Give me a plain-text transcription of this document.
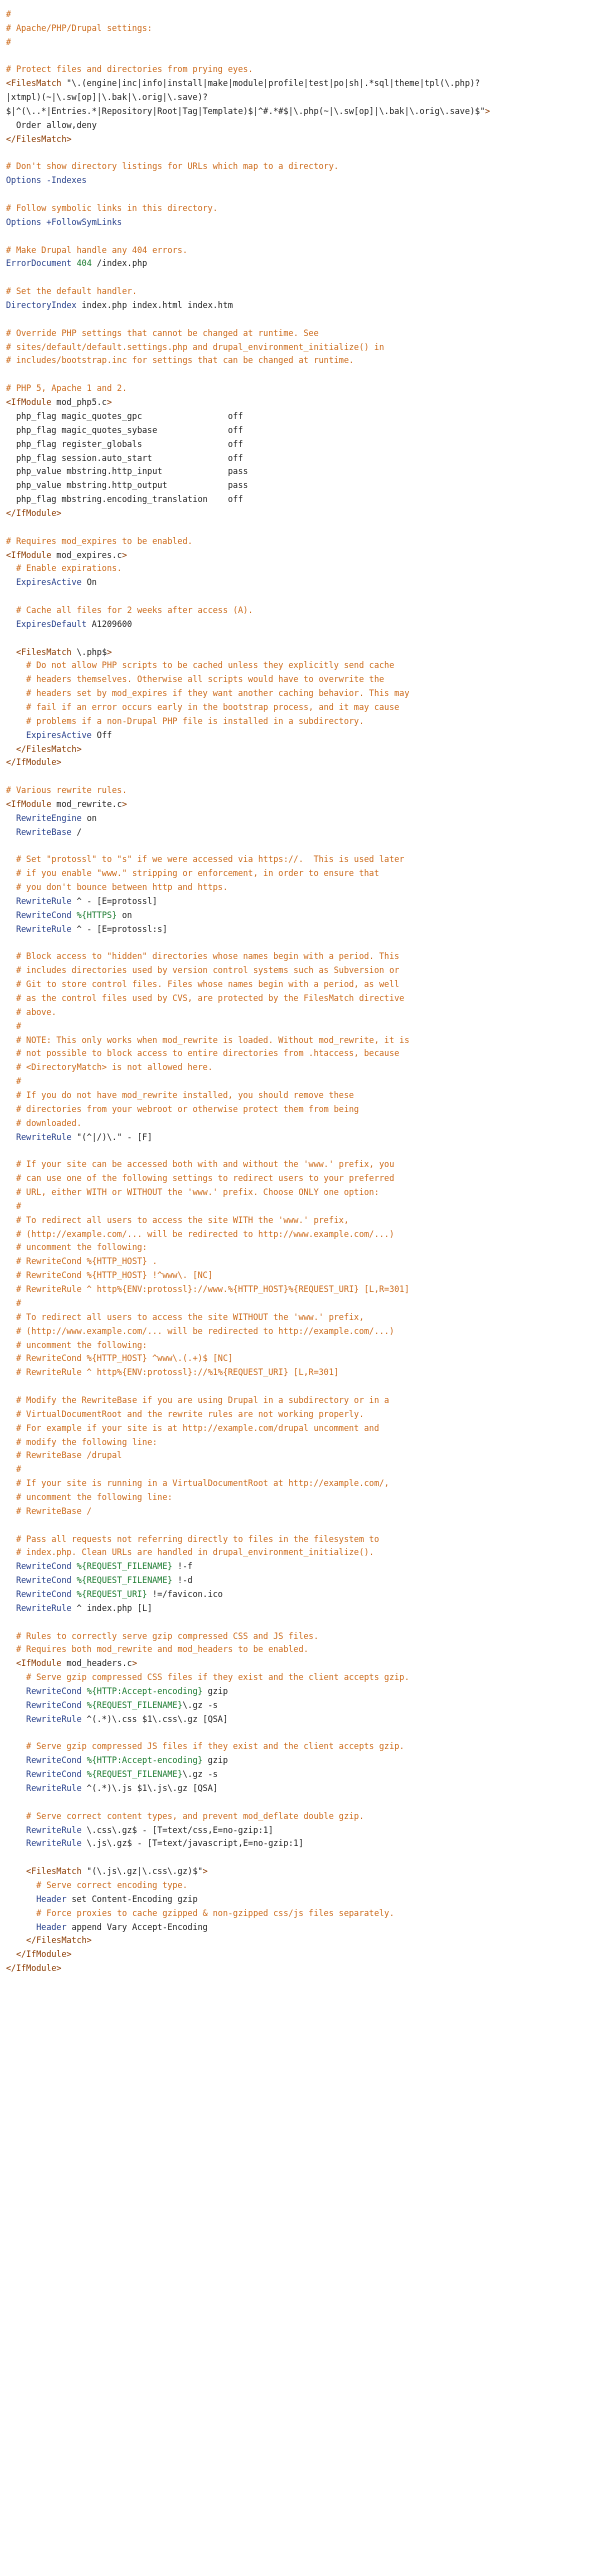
#
# Apache/PHP/Drupal settings:
#

# Protect files and directories from prying eyes.
<FilesMatch "\.(engine|inc|info|install|make|module|profile|test|po|sh|.*sql|theme|tpl(\.php)?
|xtmpl)(~|\.sw[op]|\.bak|\.orig|\.save)?
$|^(\..*|Entries.*|Repository|Root|Tag|Template)$|^#.*#$|\.php(~|\.sw[op]|\.bak|\.orig\.save)$">
Order allow,deny
</FilesMatch>

# Don't show directory listings for URLs which map to a directory.
Options -Indexes

# Follow symbolic links in this directory.
Options +FollowSymLinks

# Make Drupal handle any 404 errors.
ErrorDocument 404 /index.php

# Set the default handler.
DirectoryIndex index.php index.html index.htm

# Override PHP settings that cannot be changed at runtime. See
# sites/default/default.settings.php and drupal_environment_initialize() in
# includes/bootstrap.inc for settings that can be changed at runtime.

# PHP 5, Apache 1 and 2.
<IfModule mod_php5.c>
php_flag magic_quotes_gpc                 off
php_flag magic_quotes_sybase              off
php_flag register_globals                 off
php_flag session.auto_start               off
php_value mbstring.http_input             pass
php_value mbstring.http_output            pass
php_flag mbstring.encoding_translation    off
</IfModule>

# Requires mod_expires to be enabled.
<IfModule mod_expires.c>
# Enable expirations.
ExpiresActive On

# Cache all files for 2 weeks after access (A).
ExpiresDefault A1209600

<FilesMatch \.php$>
# Do not allow PHP scripts to be cached unless they explicitly send cache
# headers themselves. Otherwise all scripts would have to overwrite the
# headers set by mod_expires if they want another caching behavior. This may
# fail if an error occurs early in the bootstrap process, and it may cause
# problems if a non-Drupal PHP file is installed in a subdirectory.
ExpiresActive Off
</FilesMatch>
</IfModule>

# Various rewrite rules.
<IfModule mod_rewrite.c>
RewriteEngine on
RewriteBase /

# Set "protossl" to "s" if we were accessed via https://.  This is used later
# if you enable "www." stripping or enforcement, in order to ensure that
# you don't bounce between http and https.
RewriteRule ^ - [E=protossl]
RewriteCond %{HTTPS} on
RewriteRule ^ - [E=protossl:s]

# Block access to "hidden" directories whose names begin with a period. This
# includes directories used by version control systems such as Subversion or
# Git to store control files. Files whose names begin with a period, as well
# as the control files used by CVS, are protected by the FilesMatch directive
# above.
#
# NOTE: This only works when mod_rewrite is loaded. Without mod_rewrite, it is
# not possible to block access to entire directories from .htaccess, because
# <DirectoryMatch> is not allowed here.
#
# If you do not have mod_rewrite installed, you should remove these
# directories from your webroot or otherwise protect them from being
# downloaded.
RewriteRule "(^|/)\." - [F]

# If your site can be accessed both with and without the 'www.' prefix, you
# can use one of the following settings to redirect users to your preferred
# URL, either WITH or WITHOUT the 'www.' prefix. Choose ONLY one option:
#
# To redirect all users to access the site WITH the 'www.' prefix,
# (http://example.com/... will be redirected to http://www.example.com/...)
# uncomment the following:
# RewriteCond %{HTTP_HOST} .
# RewriteCond %{HTTP_HOST} !^www\. [NC]
# RewriteRule ^ http%{ENV:protossl}://www.%{HTTP_HOST}%{REQUEST_URI} [L,R=301]
#
# To redirect all users to access the site WITHOUT the 'www.' prefix,
# (http://www.example.com/... will be redirected to http://example.com/...)
# uncomment the following:
# RewriteCond %{HTTP_HOST} ^www\.(.+)$ [NC]
# RewriteRule ^ http%{ENV:protossl}://%1%{REQUEST_URI} [L,R=301]

# Modify the RewriteBase if you are using Drupal in a subdirectory or in a
# VirtualDocumentRoot and the rewrite rules are not working properly.
# For example if your site is at http://example.com/drupal uncomment and
# modify the following line:
# RewriteBase /drupal
#
# If your site is running in a VirtualDocumentRoot at http://example.com/,
# uncomment the following line:
# RewriteBase /

# Pass all requests not referring directly to files in the filesystem to
# index.php. Clean URLs are handled in drupal_environment_initialize().
RewriteCond %{REQUEST_FILENAME} !-f
RewriteCond %{REQUEST_FILENAME} !-d
RewriteCond %{REQUEST_URI} !=/favicon.ico
RewriteRule ^ index.php [L]

# Rules to correctly serve gzip compressed CSS and JS files.
# Requires both mod_rewrite and mod_headers to be enabled.
<IfModule mod_headers.c>
# Serve gzip compressed CSS files if they exist and the client accepts gzip.
RewriteCond %{HTTP:Accept-encoding} gzip
RewriteCond %{REQUEST_FILENAME}\.gz -s
RewriteRule ^(.*)\.css $1\.css\.gz [QSA]

# Serve gzip compressed JS files if they exist and the client accepts gzip.
RewriteCond %{HTTP:Accept-encoding} gzip
RewriteCond %{REQUEST_FILENAME}\.gz -s
RewriteRule ^(.*)\.js $1\.js\.gz [QSA]

# Serve correct content types, and prevent mod_deflate double gzip.
RewriteRule \.css\.gz$ - [T=text/css,E=no-gzip:1]
RewriteRule \.js\.gz$ - [T=text/javascript,E=no-gzip:1]

<FilesMatch "(\.js\.gz|\.css\.gz)$">
# Serve correct encoding type.
Header set Content-Encoding gzip
# Force proxies to cache gzipped & non-gzipped css/js files separately.
Header append Vary Accept-Encoding
</FilesMatch>
</IfModule>
</IfModule>
